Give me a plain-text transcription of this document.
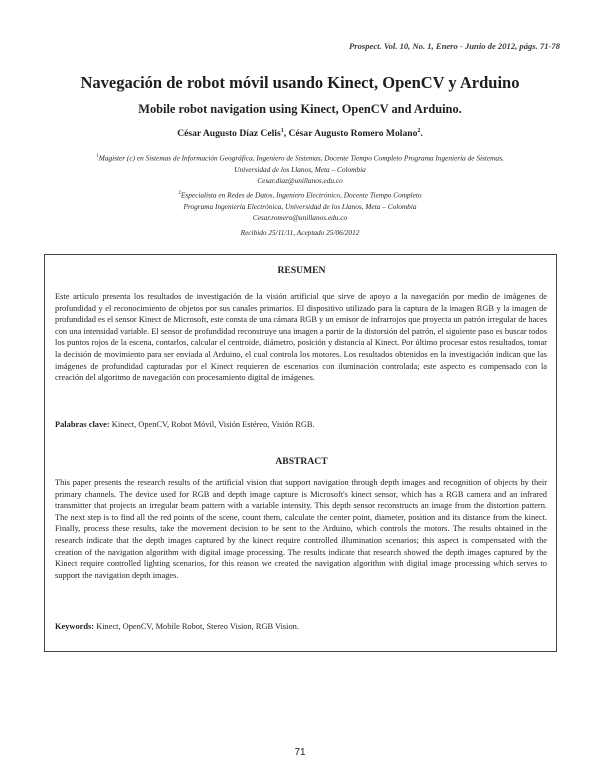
Prospect. Vol. 10, No. 1, Enero - Junio de 2012, págs. 71-78
Navegación de robot móvil usando Kinect, OpenCV y Arduino
Mobile robot navigation using Kinect, OpenCV and Arduino.
César Augusto Díaz Celis$^1$, César Augusto Romero Molano$^2$.
$^1$Magister (c) en Sistemas de Información Geográfica, Ingeniero de Sistemas, Docente Tiempo Completo Programa Ingeniería de Sistemas,
Universidad de los Llanos, Meta – Colombia
Cesar.diaz@unillanos.edu.co
$^2$Especialista en Redes de Datos, Ingeniero Electrónico, Docente Tiempo Completo
Programa Ingeniería Electrónica, Universidad de los Llanos, Meta – Colombia
Cesar.romero@unillanos.edu.co
Recibido 25/11/11, Aceptado 25/06/2012
RESUMEN

Este artículo presenta los resultados de investigación de la visión artificial que sirve de apoyo a la navegación por medio de imágenes de profundidad y el reconocimiento de objetos por sus canales primarios. El dispositivo utilizado para la captura de la imagen RGB y la imagen de profundidad es el sensor Kinect de Microsoft, este consta de una cámara RGB y un emisor de infrarrojos que proyecta un patrón irregular de haces con una intensidad variable. El sensor de profundidad reconstruye una imagen a partir de la distorsión del patrón, el siguiente paso es buscar todos los puntos rojos de la escena, contarlos, calcular el centroide, diámetro, posición y distancia al Kinect. Por último procesar estos resultados, tomar la decisión de movimiento para ser enviada al Arduino, el cual controla los motores. Los resultados obtenidos en la investigación indican que las imágenes de profundidad capturadas por el Kinect requieren de escenarios con iluminación controlada; este aspecto es compensado con la creación del algoritmo de navegación con procesamiento digital de imágenes.

Palabras clave: Kinect, OpenCV, Robot Móvil, Visión Estéreo, Visión RGB.
ABSTRACT

This paper presents the research results of the artificial vision that support navigation through depth images and recognition of objects by their primary channels. The device used for RGB and depth image capture is Microsoft's kinect sensor, which has a RGB camera and an infrared transmitter that projects an irregular beam pattern with a variable intensity. This depth sensor reconstructs an image from the distortion pattern. The next step is to find all the red points of the scene, count them, calculate the center point, diameter, position and its distance from the kinect. Finally, process these results, take the movement decision to be sent to the Arduino, which controls the motors. The results obtained in the research indicate that the depth images captured by the kinect require controlled illumination scenarios; this aspect is compensated with the creation of the navigation algorithm with digital image processing. The results indicate that research showed the depth images captured by the Kinect require controlled lighting scenarios, for this reason we created the navigation algorithm with digital image processing which serves to support the navigation depth images.

Keywords: Kinect, OpenCV, Mobile Robot, Stereo Vision, RGB Vision.
71
